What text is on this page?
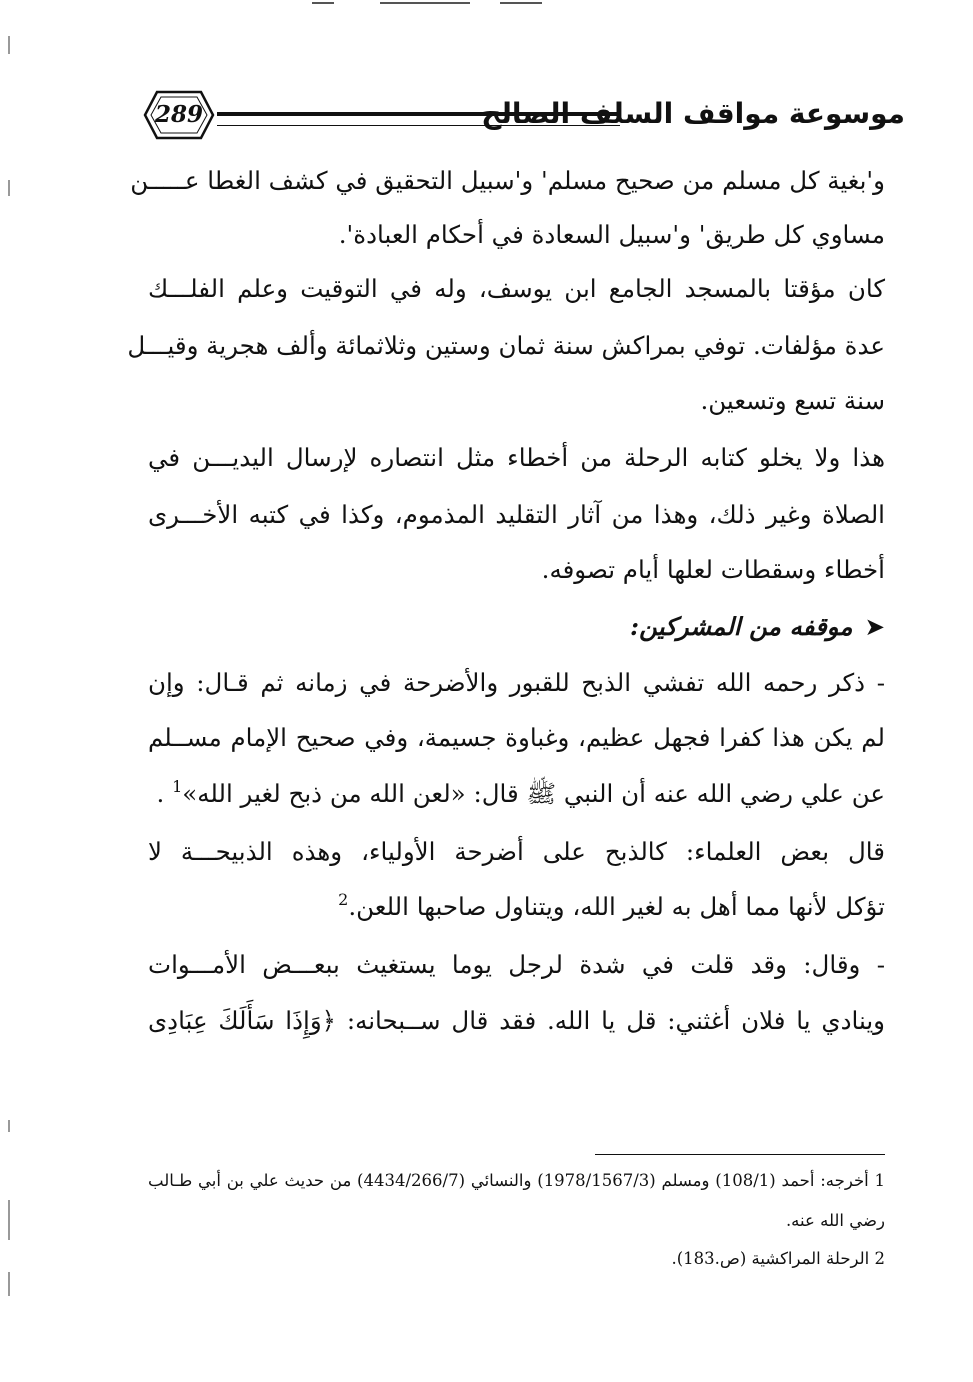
289	موسوعة مواقف السلف الصالح
و'بغية كل مسلم من صحيح مسلم' و'سبيل التحقيق في كشف الغطا عـــــن
مساوي كل طريق' و'سبيل السعادة في أحكام العبادة'.
كان مؤقتا بالمسجد الجامع ابن يوسف، وله في التوقيت وعلم الفلـــك
عدة مؤلفات. توفي بمراكش سنة ثمان وستين وثلاثمائة وألف هجرية وقيـــل
سنة تسع وتسعين.
هذا ولا يخلو كتابه الرحلة من أخطاء مثل انتصاره لإرسال اليديـــن في
الصلاة وغير ذلك، وهذا من آثار التقليد المذموم، وكذا في كتبه الأخـــرى
أخطاء وسقطات لعلها أيام تصوفه.
➤موقفه من المشركين:
- ذكر رحمه الله تفشي الذبح للقبور والأضرحة في زمانه ثم قـال: وإن
لم يكن هذا كفرا فجهل عظيم، وغباوة جسيمة، وفي صحيح الإمام مســلم
عن علي رضي الله عنه أن النبي ﷺ قال: «لعن الله من ذبح لغير الله»$^1$ .
قال بعض العلماء: كالذبح على أضرحة الأولياء، وهذه الذبيحـــة لا
تؤكل لأنها مما أهل به لغير الله، ويتناول صاحبها اللعن.$^2$
- وقال: وقد قلت في شدة لرجل يوما يستغيث ببعـــض الأمـــوات
وينادي يا فلان أغثني: قل يا الله. فقد قال ســبحانه: ﴿وَإِذَا سَأَلَكَ عِبَادِى
1 أخرجه: أحمد (108/1) ومسلم (1978/1567/3) والنسائي (4434/266/7) من حديث علي بن أبي طـالب
رضي الله عنه.
2 الرحلة المراكشية (ص.183).
